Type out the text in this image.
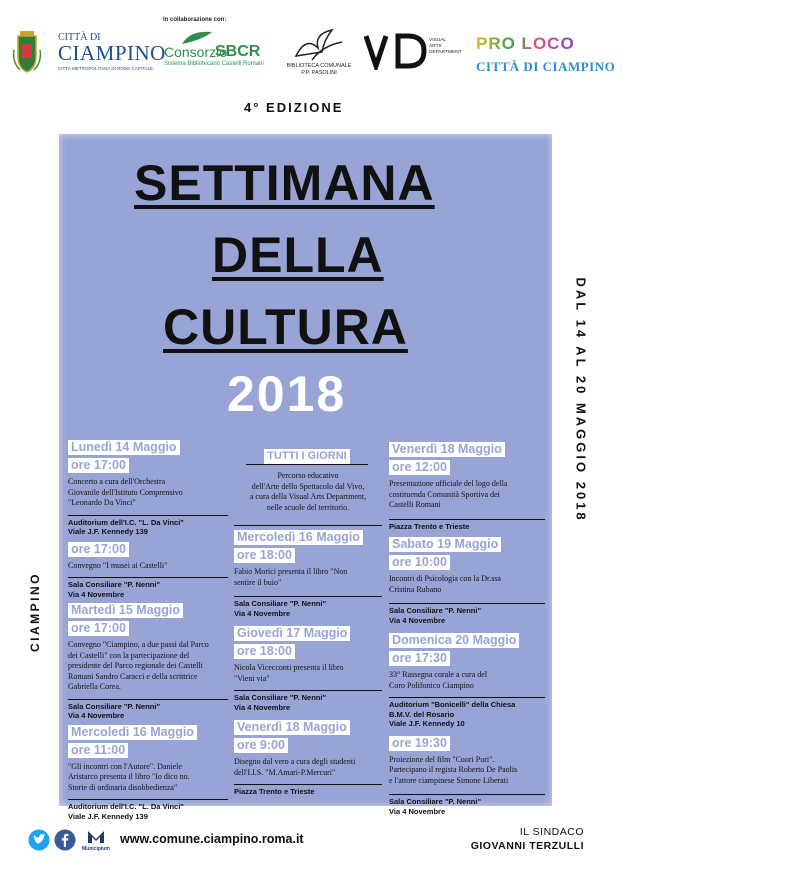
CITTÀ DI
CIAMPINO
CITTÀ METROPOLITANA DI ROMA CAPITALE
In collaborazione con:
Consorzio
SBCR
Sistema Bibliotecario Castelli Romani	BIBLIOTECA COMUNALE
P.P. PASOLINI
VISUAL
ARTS
DEPARTMENT PRO LOCO
CITTÀ DI CIAMPINO
4° EDIZIONE
SETTIMANA
DELLA
CULTURA
2018
Lunedì 14 Maggio
ore 17:00
Concerto a cura dell'Orchestra
Giovanile dell'Istituto Comprensivo
"Leonardo Da Vinci"
Auditorium dell'I.C. "L. Da Vinci"
Viale J.F. Kennedy 139
ore 17:00
Convegno "I musei ai Castelli"
Sala Consiliare "P. Nenni"
Via 4 Novembre
Martedì 15 Maggio
ore 17:00
Convegno "Ciampino, a due passi dal Parco
dei Castelli" con la partecipazione del
presidente del Parco regionale dei Castelli
Romani Sandro Caracci e della scrittrice
Gabriella Corea.
Sala Consiliare "P. Nenni"
Via 4 Novembre
Mercoledì 16 Maggio
ore 11:00
"Gli incontri con l'Autore". Daniele
Aristarco presenta il libro "Io dico no.
Storie di ordinaria disobbedienza"
Auditorium dell'I.C. "L. Da Vinci"
Viale J.F. Kennedy 139
TUTTI I GIORNI
Percorso educativo
dell'Arte dello Spettacolo dal Vivo,
a cura della Visual Arts Department,
nelle scuole del territorio.
Mercoledì 16 Maggio
ore 18:00
Fabio Morici presenta il libro "Non
sentire il buio"
Sala Consiliare "P. Nenni"
Via 4 Novembre
Giovedì 17 Maggio
ore 18:00
Nicola Vicecconti presenta il libro
"Vieni via"
Sala Consiliare "P. Nenni"
Via 4 Novembre
Venerdì 18 Maggio
ore 9:00
Disegno dal vero a cura degli studenti
dell'I.I.S. "M.Amari-P.Mercuri"
Piazza Trento e Trieste
Venerdì 18 Maggio
ore 12:00
Presentazione ufficiale del logo della
costituenda Comunità Sportiva dei
Castelli Romani
Piazza Trento e Trieste
Sabato 19 Maggio
ore 10:00
Incontri di Psicologia con la Dr.ssa
Cristina Rubano
Sala Consiliare "P. Nenni"
Via 4 Novembre
Domenica 20 Maggio
ore 17:30
33° Rassegna corale a cura del
Coro Polifonico Ciampino
Auditorium "Bonicelli" della Chiesa
B.M.V. del Rosario
Viale J.F. Kennedy 10
ore 19:30
Proiezione del film "Cuori Puri".
Partecipano il regista Roberto De Paolis
e l'attore ciampinese Simone Liberati
Sala Consiliare "P. Nenni"
Via 4 Novembre
DAL 14 AL 20 MAGGIO 2018
CIAMPINO
Municipium
www.comune.ciampino.roma.it	IL SINDACO
GIOVANNI TERZULLI
